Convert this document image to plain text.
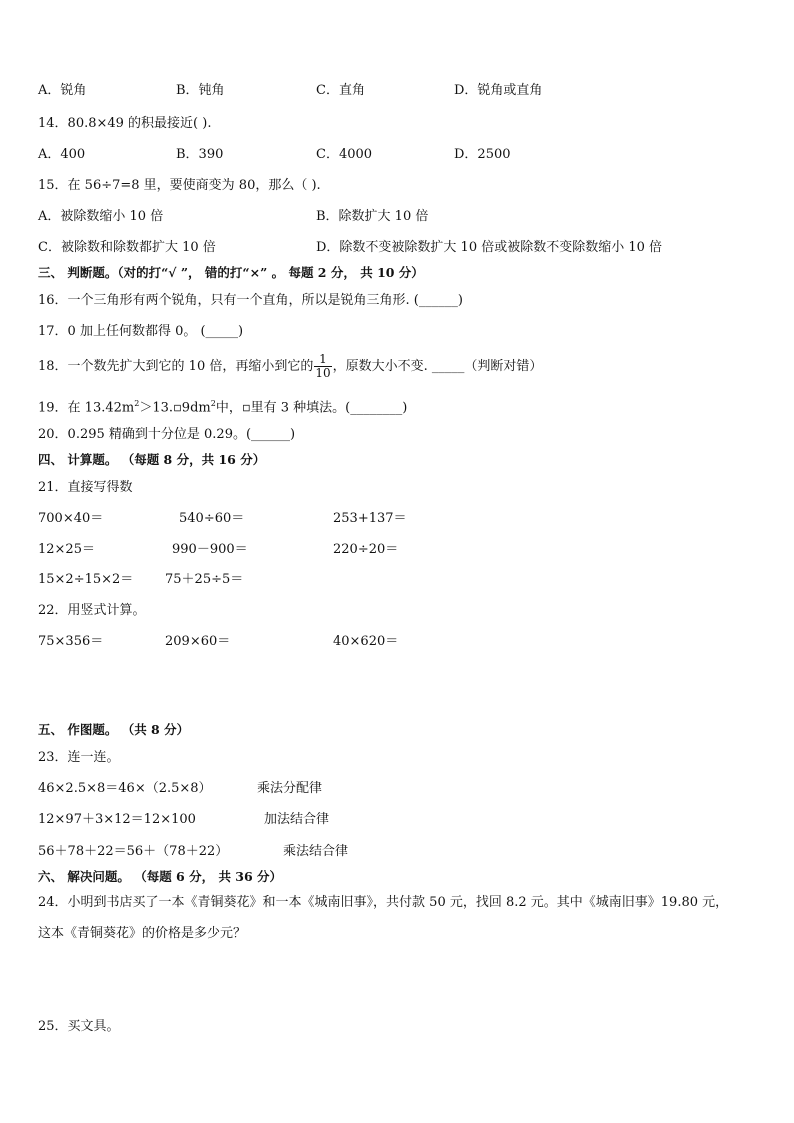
A．锐角	B．钝角	C．直角	D．锐角或直角
14．80.8×49 的积最接近( ).
A．400	B．390	C．4000	D．2500
15．在 56÷7=8 里，要使商变为 80，那么（ ).
A．被除数缩小 10 倍	B．除数扩大 10 倍
C．被除数和除数都扩大 10 倍	D．除数不变被除数扩大 10 倍或被除数不变除数缩小 10 倍
三、 判断题。（对的打“√ ”， 错的打“×” 。 每题 2 分， 共 10 分）
16．一个三角形有两个锐角，只有一个直角，所以是锐角三角形. (______)
17．0 加上任何数都得 0。 (_____)
18．一个数先扩大到它的 10 倍，再缩小到它的 $\frac{1}{10}$ ，原数大小不变. _____（判断对错）
19．在 $13.42m^2>13.▫9dm^2$中，▫里有 3 种填法。(________)
20．0.295 精确到十分位是 0.29。(______)
四、 计算题。 （每题 8 分，共 16 分）
21．直接写得数
700×40＝	540÷60＝	253+137＝
12×25＝	990－900＝	220÷20＝
15×2÷15×2＝ 75＋25÷5＝
22．用竖式计算。
75×356＝	209×60＝	40×620＝
五、 作图题。 （共 8 分）
23．连一连。
46×2.5×8＝46×（2.5×8）	乘法分配律
12×97＋3×12＝12×100	加法结合律
56＋78＋22＝56＋（78＋22）	乘法结合律
六、 解决问题。 （每题 6 分， 共 36 分）
24．小明到书店买了一本《青铜葵花》和一本《城南旧事》，共付款 50 元，找回 8.2 元。其中《城南旧事》19.80 元，
这本《青铜葵花》的价格是多少元？
25．买文具。
